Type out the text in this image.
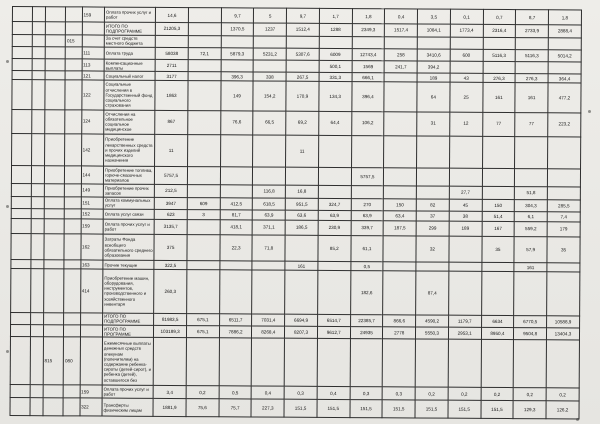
				159	Оплата прочих услуг и работ	14,6		9,7	5	9,7	1,7	1,8	0,4	3,5	0,1	0,7	8,7	1,8
					ИТОГО ПО ПОДПРОГРАММЕ	21205,3		1370,5	1237	1512,4	1288	2349,3	1517,4	1084,1	1773,4	2316,4	2733,9	2888,4
			015		За счет средств местного бюджета													
				111	Оплата труда	58038	72,1	5879,3	5231,2	5307,6	6009	12743,4	258	3410,6	600	5116,3	5116,3	5014,2
				113	Компенсационные выплаты	2711					500,1	1569	241,7	394,2				
				121	Социальный налог	3177		396,3	338	267,5	331,3	666,1		189	43	276,3	276,3	364,4
				122	Социальные отчисления в Государственный фонд социального страхования	1863		149	154,2	170,9	134,3	396,4		64	25	161	161	477,2
				124	Отчисления на обязательное социальное медицинское	867		76,6	66,5	69,2	64,4	106,2		31	12	77	77	223,2
				142	Приобретение лекарственных средств и прочих изделий медицинского назначения	11				11								
				144	Приобретение топлива, горюче-смазочных материалов	5757,5						5757,5						
				149	Приобретение прочих запасов	212,5			116,8	16,8					27,7		51,8	
				151	Оплата коммунальных услуг	3947	609	412,5	618,5	951,5	324,7	270	150	82	45	150	304,3	285,5
				152	Оплата услуг связи	623	3	81,7	63,9	63,6	63,9	63,9	63,4	37	38	51,4	6,1	7,4
				159	Оплата прочих услуг и работ	3135,7		418,1	371,1	186,5	230,9	339,7	187,5	299	189	167	559,2	179
				162	Затраты Фонда всеобщего обязательного среднего образования	375		22,3	71,8		85,2	61,1		32		35	57,9	35
				163	Прочие текущие	322,5				161		0,5					161	
				414	Приобретение машин, оборудования, инструментов, производственного и хозяйственного инвентаря	260,3						182,6		87,4				
					ИТОГО ПО ПОДПРОГРАММЕ	81983,5	675,1	6511,7	7031,4	6694,9	6514,7	22385,7	866,6	4590,2	1179,7	6634	6770,5	10588,9
					ИТОГО ПО ПРОГРАММЕ	103189,3	675,1	7886,2	8268,4	8207,3	9612,7	24935	2778	5550,3	2953,1	8950,4	9504,8	13404,3
		815	080		Ежемесячные выплаты денежных средств опекунам (попечителям) на содержание ребенка-сироты (детей-сирот), и ребенка (детей), оставшегося без													
				159	Оплата прочих услуг и работ	3,4	0,2	0,5	0,4	0,3	0,4	0,3	0,3	0,2	0,2	0,2	0,2	0,2
				322	Трансферты физическим лицам	1881,9	75,6	75,7	227,3	151,5	151,5	151,5	151,5	151,5	151,5	151,5	129,3	126,2
